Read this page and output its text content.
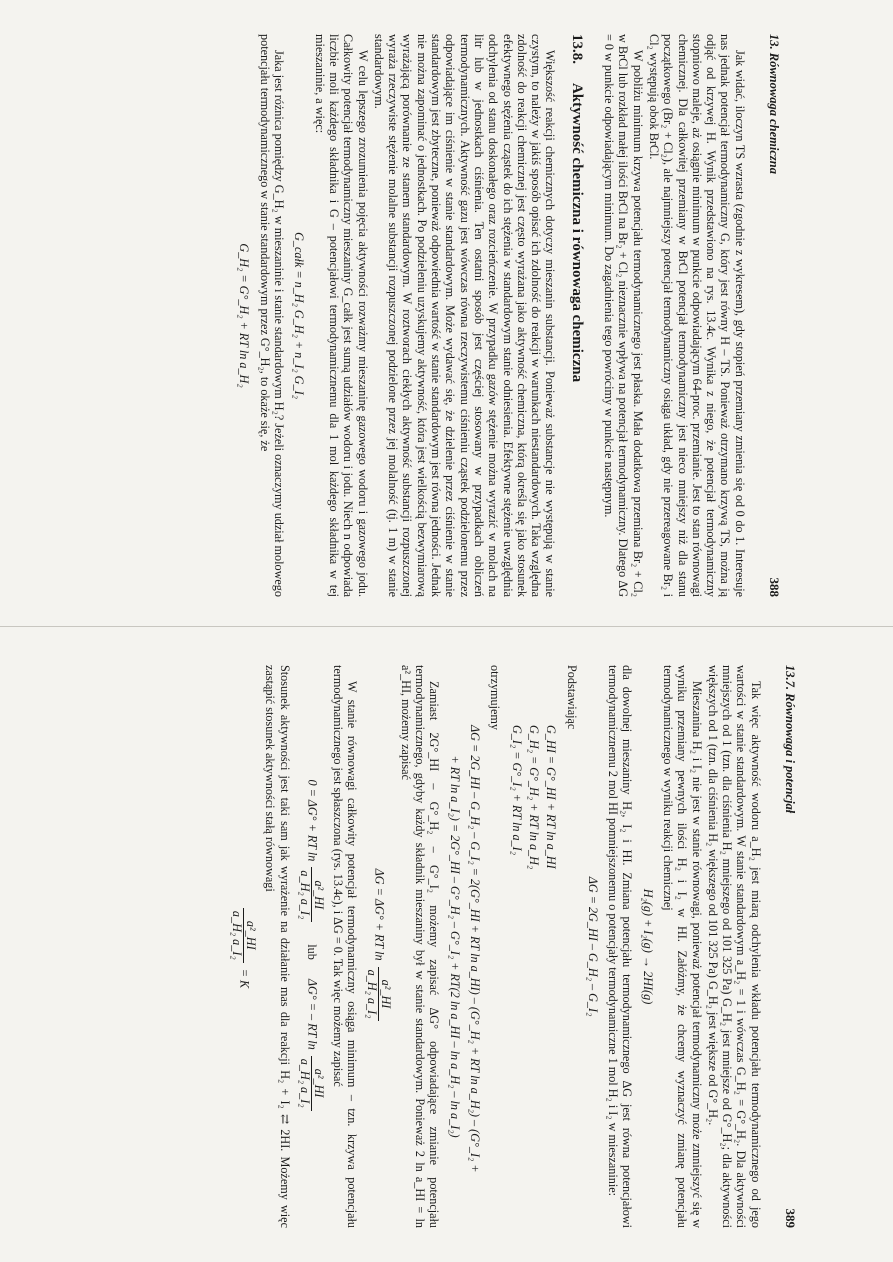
13. Równowaga chemiczna
388

Jak widać, iloczyn TS wzrasta (zgodnie z wykresem), gdy stopień przemiany zmienia się od 0 do 1. Interesuje nas jednak potencjał termodynamiczny G, który jest równy H – TS. Ponieważ otrzymano krzywą TS, można ją odjąć od krzywej H. Wynik przedstawiono na rys. 13.4c. Wynika z niego, że potencjał termodynamiczny stopniowo maleje, aż osiągnie minimum w punkcie odpowiadającym 64-proc. przemianie. Jest to stan równowagi chemicznej. Dla całkowitej przemiany w BrCl potencjał termodynamiczny jest nieco mniejszy niż dla stanu początkowego (Br₂ + Cl₂), ale najmniejszy potencjał termodynamiczny osiąga układ, gdy nie przereagowane Br₂ i Cl₂ występują obok BrCl.

W pobliżu minimum krzywa potencjału termodynamicznego jest płaska. Mała dodatkowa przemiana Br₂ + Cl₂ w BrCl lub rozkład małej ilości BrCl na Br₂ + Cl₂ nieznacznie wpływa na potencjał termodynamiczny. Dlatego ΔG = 0 w punkcie odpowiadającym minimum. Do zagadnienia tego powrócimy w punkcie następnym.

13.8. Aktywność chemiczna i równowaga chemiczna

Większość reakcji chemicznych dotyczy mieszanin substancji. Ponieważ substancje nie występują w stanie czystym, to należy w jakiś sposób opisać ich zdolność do reakcji w warunkach niestandardowych. Taka względna zdolność do reakcji chemicznej jest często wyrażana jako aktywność chemiczna, którą określa się jako stosunek efektywnego stężenia cząstek do ich stężenia w standardowym stanie odniesienia. Efektywne stężenie uwzględnia odchylenia od stanu doskonałego oraz rozcieńczenie. W przypadku gazów stężenie można wyrazić w molach na litr lub w jednostkach ciśnienia. Ten ostatni sposób jest częściej stosowany w przypadkach obliczeń termodynamicznych. Aktywność gazu jest wówczas równa rzeczywistemu ciśnieniu cząstek podzielonemu przez odpowiadające im ciśnienie w stanie standardowym. Może wydawać się, że dzielenie przez ciśnienie w stanie standardowym jest zbyteczne, ponieważ odpowiednia wartość w stanie standardowym jest równa jedności. Jednak nie można zapominać o jednostkach. Po podzieleniu uzyskujemy aktywność, która jest wielkością bezwymiarową wyrażającą porównanie ze stanem standardowym. W roztworach ciekłych aktywność substancji rozpuszczonej wyraża rzeczywiste stężenie molalne substancji rozpuszczonej podzielone przez jej molalność (tj. 1 m) w stanie standardowym.

W celu lepszego zrozumienia pojęcia aktywności rozważmy mieszaninę gazowego wodoru i gazowego jodu. Całkowity potencjał termodynamiczny mieszaniny G_całk jest sumą udziałów wodoru i jodu. Niech n odpowiada liczbie moli każdego składnika i G – potencjałowi termodynamicznemu dla 1 mol każdego składnika w tej mieszaninie, a więc:

G_całk = n_H₂ G_H₂ + n_I₂ G_I₂

Jaka jest różnica pomiędzy G_H₂ w mieszaninie i stanie standardowym H₂? Jeżeli oznaczymy udział molowego potencjału termodynamicznego w stanie standardowym przez G°_H₂, to okaże się, że

G_H₂ = G°_H₂ + RT ln a_H₂
13.7. Równowaga i potencjał
389

Tak więc aktywność wodoru a_H₂ jest miarą odchylenia wkładu potencjału termodynamicznego od jego wartości w stanie standardowym. W stanie standardowym a_H₂ = 1 i wówczas G_H₂ = G°_H₂. Dla aktywności mniejszych od 1 (tzn. dla ciśnienia H₂ mniejszego od 101 325 Pa) G_H₂ jest mniejsze od G°_H₂; dla aktywności większych od 1 (tzn. dla ciśnienia H₂ większego od 101 325 Pa) G_H₂ jest większe od G°_H₂.

Mieszanina H₂ i I₂ nie jest w stanie równowagi, ponieważ potencjał termodynamiczny może zmniejszyć się w wyniku przemiany pewnych ilości H₂ i I₂ w HI. Załóżmy, że chcemy wyznaczyć zmianę potencjału termodynamicznego w wyniku reakcji chemicznej

H₂(g) + I₂(g) → 2HI(g)

dla dowolnej mieszaniny H₂, I₂ i HI. Zmiana potencjału termodynamicznego ΔG jest równa potencjałowi termodynamicznemu 2 mol HI pomniejszonemu o potencjały termodynamiczne 1 mol H₂ i I₂ w mieszaninie:

ΔG = 2G_HI – G_H₂ – G_I₂

Podstawiając

G_HI = G°_HI + RT ln a_HI
G_H₂ = G°_H₂ + RT ln a_H₂
G_I₂ = G°_I₂ + RT ln a_I₂

otrzymujemy

ΔG = 2G_HI – G_H₂ – G_I₂ = 2(G°_HI + RT ln a_HI) – (G°_H₂ + RT ln a_H₂) – (G°_I₂ +
+ RT ln a_I₂) = 2G°_HI – G°_H₂ – G°_I₂ + RT(2 ln a_HI – ln a_H₂ – ln a_I₂)

Zamiast 2G°_HI – G°_H₂ – G°_I₂ możemy zapisać ΔG° odpowiadające zmianie potencjału termodynamicznego, gdyby każdy składnik mieszaniny był w stanie standardowym. Ponieważ 2 ln a_HI = ln a²_HI, możemy zapisać

ΔG = ΔG° + RT ln
a²_HI
a_H₂ a_I₂

W stanie równowagi całkowity potencjał termodynamiczny osiąga minimum – tzn. krzywa potencjału termodynamicznego jest spłaszczona (rys. 13.4c), i ΔG = 0. Tak więc możemy zapisać

0 = ΔG° + RT ln
a²_HI
a_H₂ a_I₂
lub ΔG° = – RT ln
a²_HI
a_H₂ a_I₂

Stosunek aktywności jest taki sam jak wyrażenie na działanie mas dla reakcji H₂ + I₂ ⇄ 2HI. Możemy więc zastąpić stosunek aktywności stałą równowagi

a²_HI
a_H₂ a_I₂
= K
